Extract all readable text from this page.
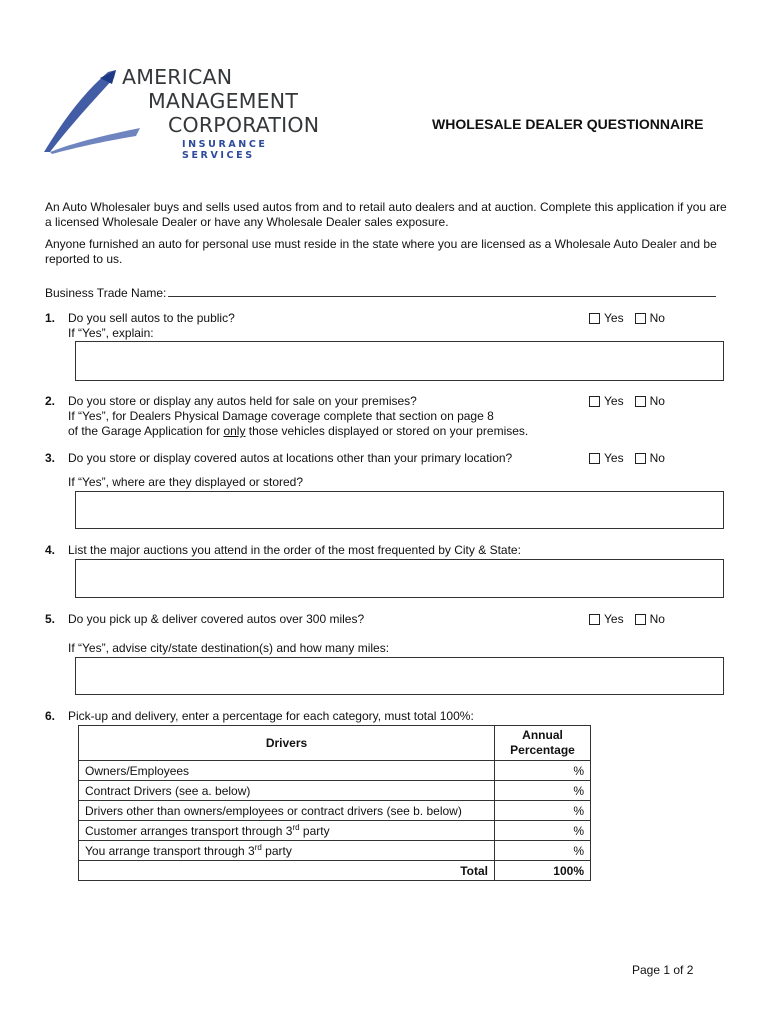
AMERICAN
MANAGEMENT
CORPORATION
INSURANCE SERVICES
WHOLESALE DEALER QUESTIONNAIRE
An Auto Wholesaler buys and sells used autos from and to retail auto dealers and at auction. Complete this application if you are a licensed Wholesale Dealer or have any Wholesale Dealer sales exposure.
Anyone furnished an auto for personal use must reside in the state where you are licensed as a Wholesale Auto Dealer and be reported to us.
Business Trade Name:
1. Do you sell autos to the public?
If “Yes”, explain:
Yes No
2. Do you store or display any autos held for sale on your premises?
If “Yes”, for Dealers Physical Damage coverage complete that section on page 8
of the Garage Application for only those vehicles displayed or stored on your premises.
Yes No
3. Do you store or display covered autos at locations other than your primary location?
If “Yes”, where are they displayed or stored?
Yes No
4. List the major auctions you attend in the order of the most frequented by City & State:
5. Do you pick up & deliver covered autos over 300 miles?
If “Yes”, advise city/state destination(s) and how many miles:
Yes No
6. Pick-up and delivery, enter a percentage for each category, must total 100%:
Drivers	Annual
Percentage
Owners/Employees	%
Contract Drivers (see a. below)	%
Drivers other than owners/employees or contract drivers (see b. below)	%
Customer arranges transport through 3rd party	%
You arrange transport through 3rd party	%
Total	100%
Page 1 of 2
